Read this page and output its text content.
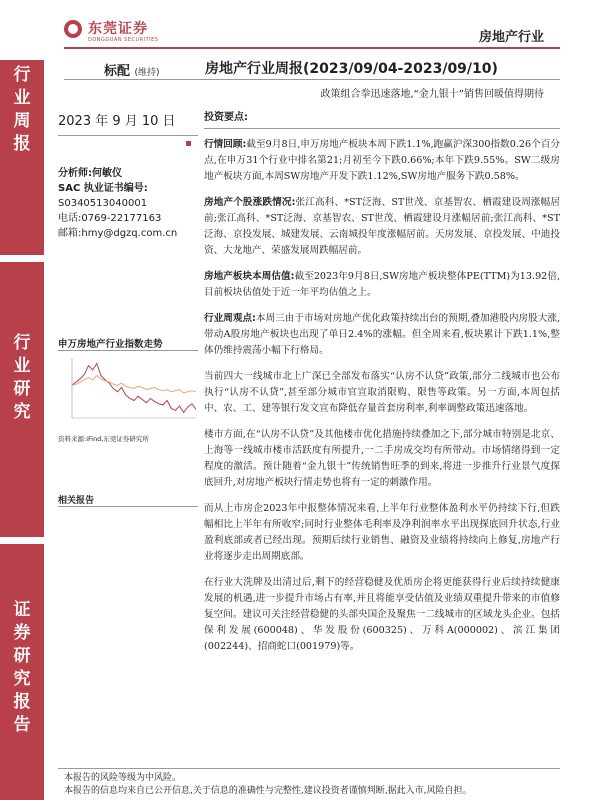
行业周报
行业研究
证券研究报告
东莞证券
DONGGUAN SECURITIES	房地产行业
标配 (维持)	房地产行业周报(2023/09/04-2023/09/10)
政策组合拳迅速落地,“金九银十”销售回暖值得期待
2023 年 9 月 10 日
分析师:何敏仪
SAC 执业证书编号:
S0340513040001
电话:0769-22177163
邮箱:hmy@dgzq.com.cn
申万房地产行业指数走势
资料来源:iFind,东莞证券研究所
相关报告
投资要点:

行情回顾:截至9月8日,申万房地产板块本周下跌1.1%,跑赢沪深300指数0.26个百分点,在申万31个行业中排名第21;月初至今下跌0.66%;本年下跌9.55%。SW二级房地产板块方面,本周SW房地产开发下跌1.12%,SW房地产服务下跌0.58%。

房地产个股涨跌情况:张江高科、*ST泛海、ST世茂、京基智农、栖霞建设周涨幅居前;张江高科、*ST泛海、京基智农、ST世茂、栖霞建设月涨幅居前;张江高科、*ST泛海、京投发展、城建发展、云南城投年度涨幅居前。天房发展、京投发展、中迪投资、大龙地产、荣盛发展周跌幅居前。

房地产板块本周估值:截至2023年9月8日,SW房地产板块整体PE(TTM)为13.92倍,目前板块估值处于近一年平均估值之上。

行业周观点:本周三由于市场对房地产优化政策持续出台的预期,叠加港股内房股大涨,带动A股房地产板块也出现了单日2.4%的涨幅。但全周来看,板块累计下跌1.1%,整体仍维持震荡小幅下行格局。

当前四大一线城市北上广深已全部发布落实“认房不认贷”政策,部分二线城市也公布执行“认房不认贷”,甚至部分城市官宣取消限购、限售等政策。另一方面,本周包括中、农、工、建等银行发文宣布降低存量首套房利率,利率调整政策迅速落地。

楼市方面,在“认房不认贷”及其他楼市优化措施持续叠加之下,部分城市特别是北京、上海等一线城市楼市活跃度有所提升,一二手房成交均有所带动。市场情绪得到一定程度的激活。预计随着“金九银十”传统销售旺季的到来,将进一步推升行业景气度探底回升,对房地产板块行情走势也将有一定的刺激作用。

而从上市房企2023年中报整体情况来看,上半年行业整体盈利水平仍持续下行,但跌幅相比上半年有所收窄;同时行业整体毛利率及净利润率水平出现探底回升状态,行业盈利底部或者已经出现。预期后续行业销售、融资及业绩将持续向上修复,房地产行业将逐步走出周期底部。

在行业大洗牌及出清过后,剩下的经营稳健及优质房企将更能获得行业后续持续健康发展的机遇,进一步提升市场占有率,并且将能享受估值及业绩双重提升带来的市值修复空间。建议可关注经营稳健的头部央国企及聚焦一二线城市的区域龙头企业。包括保利发展(600048)、华发股份(600325)、万科A(000002)、滨江集团(002244)、招商蛇口(001979)等。

本报告的风险等级为中风险。
本报告的信息均来自已公开信息,关于信息的准确性与完整性,建议投资者谨慎判断,据此入市,风险自担。
